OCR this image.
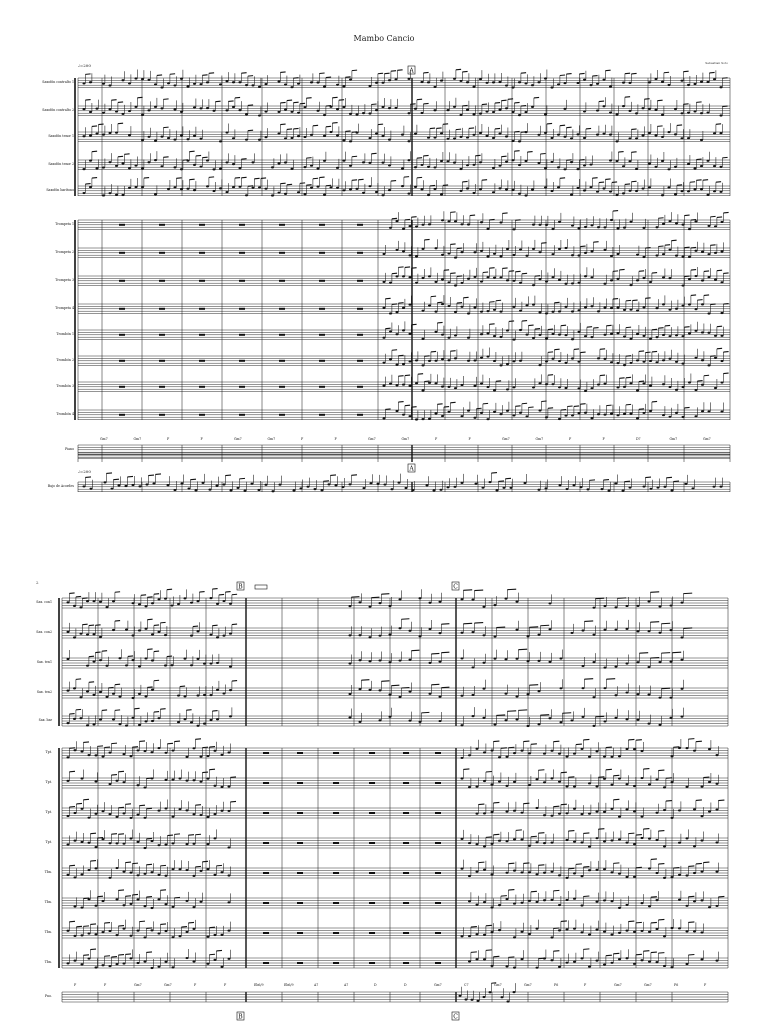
Mambo Cancio
Sebastian Soto
2
♩=200
Saxofón contralto 1
Saxofón contralto 2
Saxofón tenor 1
Saxofón tenor 2
Saxofón barítono
Trompeta 1
Trompeta 2
Trompeta 3
Trompeta 4
Trombón 1
Trombón 2
Trombón 3
Trombón 4
Piano
Bajo de Acordes
Gm7	Gm7	F	F	Gm7	Gm7	F	F	Gm7	Gm7	F	F	Gm7	Gm7	F	F	D7	Gm7	Gm7
♩=200
A
A
Sax. con1
Sax. con2
Sax. ten1
Sax. ten2
Sax. bar
Tpt.
Tpt.
Tpt.
Tpt.
Tbn.
Tbn.
Tbn.
Tbn.
Pno.
F	F	Gm7	Gm7	F	F	Eb6/9	Eb6/9	A7	A7	D	D	Gm7	C7	Gm7	Gm7	F6	F	Gm7	Gm7	F6	F
B	C
B	C
